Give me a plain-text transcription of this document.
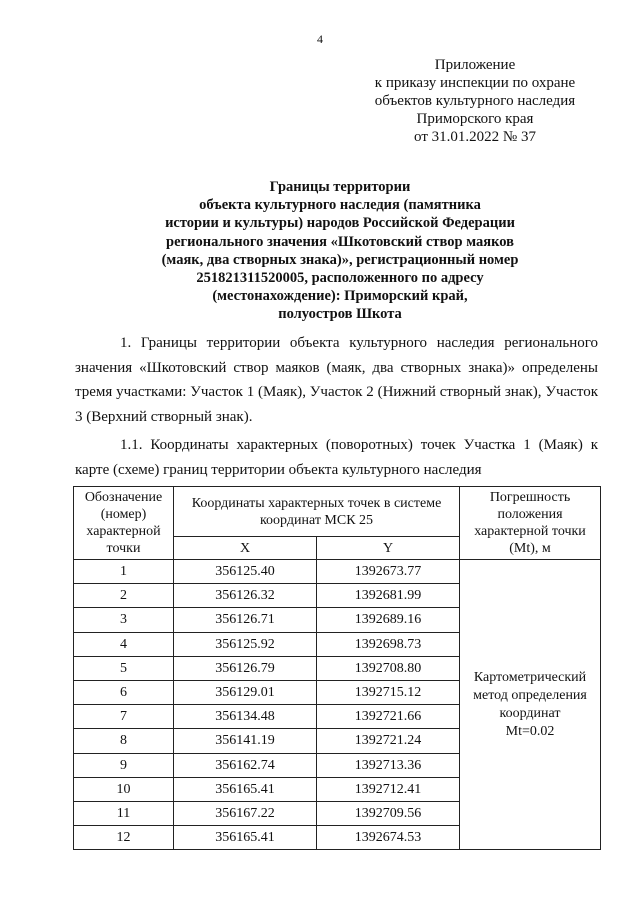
4
Приложение
к приказу инспекции по охране
объектов культурного наследия
Приморского края
от 31.01.2022 № 37
Границы территории
объекта культурного наследия (памятника
истории и культуры) народов Российской Федерации
регионального значения «Шкотовский створ маяков
(маяк, два створных знака)», регистрационный номер
251821311520005, расположенного по адресу
(местонахождение): Приморский край,
полуостров Шкота
1. Границы территории объекта культурного наследия регионального значения «Шкотовский створ маяков (маяк, два створных знака)» определены тремя участками: Участок 1 (Маяк), Участок 2 (Нижний створный знак), Участок 3 (Верхний створный знак).
1.1. Координаты характерных (поворотных) точек Участка 1 (Маяк) к карте (схеме) границ территории объекта культурного наследия
Обозначение (номер) характерной точки	Координаты характерных точек в системе координат МСК 25		Погрешность положения характерной точки (Mt), м
	X	Y	
1	356125.40	1392673.77	Картометрический
метод определения
координат
Mt=0.02

2	356126.32	1392681.99	
3	356126.71	1392689.16	
4	356125.92	1392698.73	
5	356126.79	1392708.80	
6	356129.01	1392715.12	
7	356134.48	1392721.66	
8	356141.19	1392721.24	
9	356162.74	1392713.36	
10	356165.41	1392712.41	
11	356167.22	1392709.56	
12	356165.41	1392674.53	
